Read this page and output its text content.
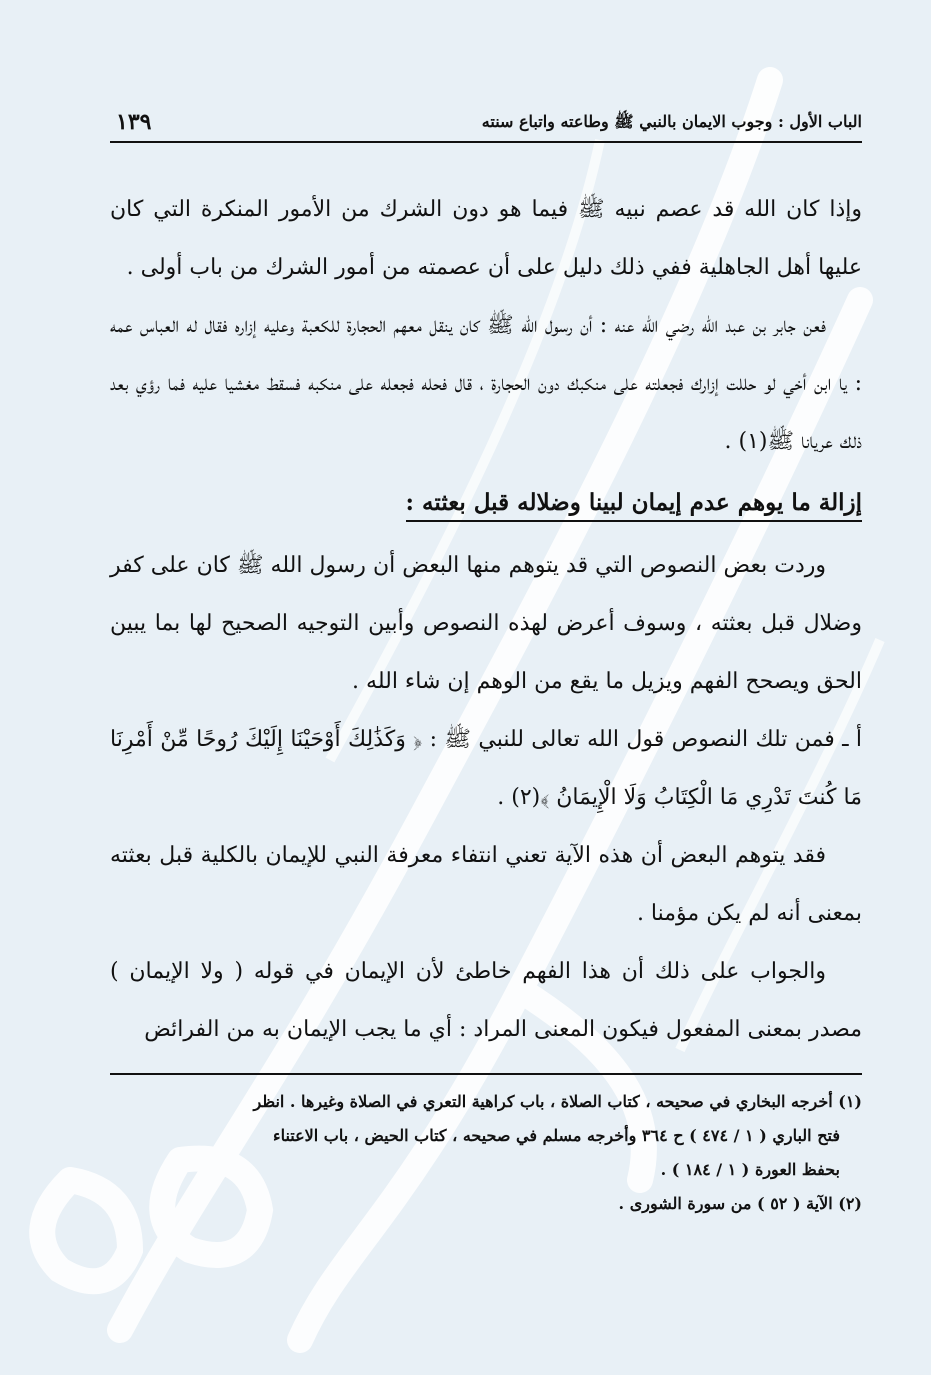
الباب الأول : وجوب الايمان بالنبي ﷺ وطاعته واتباع سنته
١٣٩

وإذا كان الله قد عصم نبيه ﷺ فيما هو دون الشرك من الأمور المنكرة التي كان عليها أهل الجاهلية ففي ذلك دليل على أن عصمته من أمور الشرك من باب أولى .

فعن جابر بن عبد الله رضي الله عنه : أن رسول الله ﷺ كان ينقل معهم الحجارة للكعبة وعليه إزاره فقال له العباس عمه : يا ابن أخي لو حللت إزارك فجعلته على منكبك دون الحجارة ، قال فحله فجعله على منكبه فسقط مغشيا عليه فما رؤي بعد ذلك عريانا ﷺ(١) .

إزالة ما يوهم عدم إيمان لبينا وضلاله قبل بعثته :

وردت بعض النصوص التي قد يتوهم منها البعض أن رسول الله ﷺ كان على كفر وضلال قبل بعثته ، وسوف أعرض لهذه النصوص وأبين التوجيه الصحيح لها بما يبين الحق ويصحح الفهم ويزيل ما يقع من الوهم إن شاء الله .

أ ـ فمن تلك النصوص قول الله تعالى للنبي ﷺ : ﴿ وَكَذَٰلِكَ أَوْحَيْنَا إِلَيْكَ رُوحًا مِّنْ أَمْرِنَا مَا كُنتَ تَدْرِي مَا الْكِتَابُ وَلَا الْإِيمَانُ ﴾(٢) .

فقد يتوهم البعض أن هذه الآية تعني انتفاء معرفة النبي للإيمان بالكلية قبل بعثته بمعنى أنه لم يكن مؤمنا .

والجواب على ذلك أن هذا الفهم خاطئ لأن الإيمان في قوله ( ولا الإيمان ) مصدر بمعنى المفعول فيكون المعنى المراد : أي ما يجب الإيمان به من الفرائض

(١) أخرجه البخاري في صحيحه ، كتاب الصلاة ، باب كراهية التعري في الصلاة وغيرها . انظر

فتح الباري ( ١ / ٤٧٤ ) ح ٣٦٤ وأخرجه مسلم في صحيحه ، كتاب الحيض ، باب الاعتناء

بحفظ العورة ( ١ / ١٨٤ ) .

(٢) الآية ( ٥٢ ) من سورة الشورى .
